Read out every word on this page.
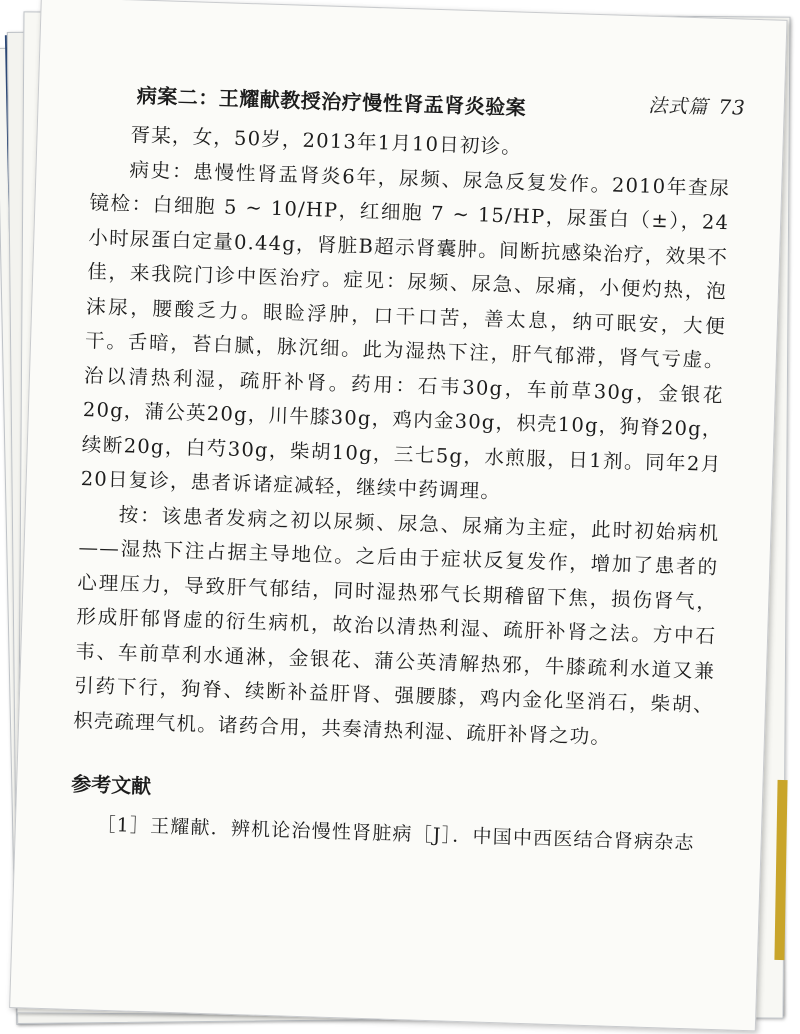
法式篇 73
病案二：王耀献教授治疗慢性肾盂肾炎验案

胥某，女，50岁，2013年1月10日初诊。

病史：患慢性肾盂肾炎6年，尿频、尿急反复发作。2010年查尿镜检：白细胞 5 ~ 10/HP，红细胞 7 ~ 15/HP，尿蛋白（±），24小时尿蛋白定量0.44g，肾脏B超示肾囊肿。间断抗感染治疗，效果不佳，来我院门诊中医治疗。症见：尿频、尿急、尿痛，小便灼热，泡沫尿，腰酸乏力。眼睑浮肿，口干口苦，善太息，纳可眠安，大便干。舌暗，苔白腻，脉沉细。此为湿热下注，肝气郁滞，肾气亏虚。治以清热利湿，疏肝补肾。药用：石韦30g，车前草30g，金银花20g，蒲公英20g，川牛膝30g，鸡内金30g，枳壳10g，狗脊20g，续断20g，白芍30g，柴胡10g，三七5g，水煎服，日1剂。同年2月20日复诊，患者诉诸症减轻，继续中药调理。

按：该患者发病之初以尿频、尿急、尿痛为主症，此时初始病机——湿热下注占据主导地位。之后由于症状反复发作，增加了患者的心理压力，导致肝气郁结，同时湿热邪气长期稽留下焦，损伤肾气，形成肝郁肾虚的衍生病机，故治以清热利湿、疏肝补肾之法。方中石韦、车前草利水通淋，金银花、蒲公英清解热邪，牛膝疏利水道又兼引药下行，狗脊、续断补益肝肾、强腰膝，鸡内金化坚消石，柴胡、枳壳疏理气机。诸药合用，共奏清热利湿、疏肝补肾之功。

参考文献

［1］王耀献．辨机论治慢性肾脏病［J］．中国中西医结合肾病杂志
